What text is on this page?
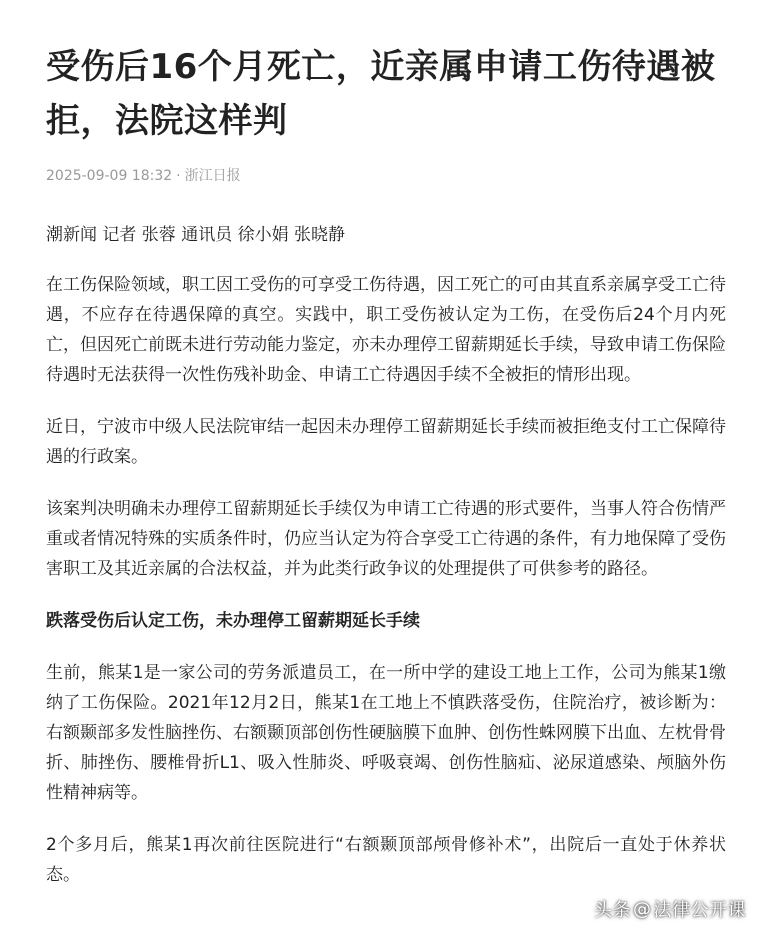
受伤后16个月死亡，近亲属申请工伤待遇被拒，法院这样判
2025-09-09 18:32 · 浙江日报

潮新闻 记者 张蓉 通讯员 徐小娟 张晓静

在工伤保险领域，职工因工受伤的可享受工伤待遇，因工死亡的可由其直系亲属享受工亡待遇，不应存在待遇保障的真空。实践中，职工受伤被认定为工伤，在受伤后24个月内死亡，但因死亡前既未进行劳动能力鉴定，亦未办理停工留薪期延长手续，导致申请工伤保险待遇时无法获得一次性伤残补助金、申请工亡待遇因手续不全被拒的情形出现。

近日，宁波市中级人民法院审结一起因未办理停工留薪期延长手续而被拒绝支付工亡保障待遇的行政案。

该案判决明确未办理停工留薪期延长手续仅为申请工亡待遇的形式要件，当事人符合伤情严重或者情况特殊的实质条件时，仍应当认定为符合享受工亡待遇的条件，有力地保障了受伤害职工及其近亲属的合法权益，并为此类行政争议的处理提供了可供参考的路径。

跌落受伤后认定工伤，未办理停工留薪期延长手续

生前，熊某1是一家公司的劳务派遣员工，在一所中学的建设工地上工作，公司为熊某1缴纳了工伤保险。2021年12月2日，熊某1在工地上不慎跌落受伤，住院治疗，被诊断为：右额颞部多发性脑挫伤、右额颞顶部创伤性硬脑膜下血肿、创伤性蛛网膜下出血、左枕骨骨折、肺挫伤、腰椎骨折L1、吸入性肺炎、呼吸衰竭、创伤性脑疝、泌尿道感染、颅脑外伤性精神病等。

2个多月后，熊某1再次前往医院进行“右额颞顶部颅骨修补术”，出院后一直处于休养状态。

头条 @ 法律公开课
